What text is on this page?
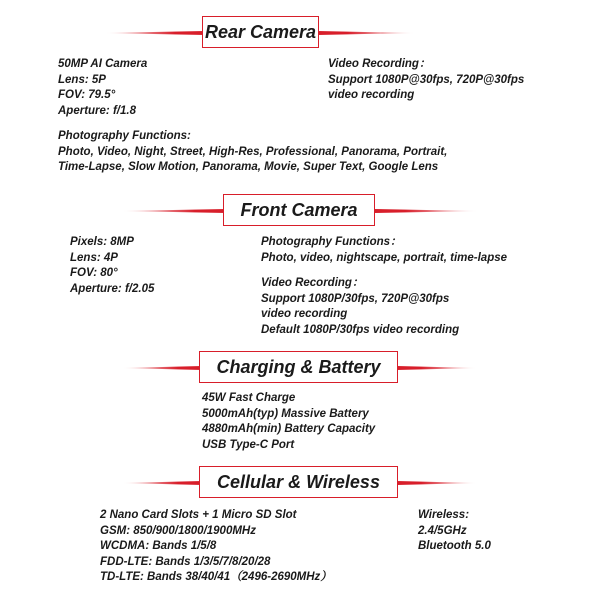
Rear Camera
50MP AI Camera
Lens: 5P
FOV: 79.5°
Aperture: f/1.8
Photography Functions:
Photo, Video, Night, Street, High-Res, Professional, Panorama, Portrait,
Time-Lapse, Slow Motion, Panorama, Movie, Super Text, Google Lens
Video Recording：
Support 1080P@30fps, 720P@30fps
video recording
Front Camera
Pixels: 8MP
Lens: 4P
FOV: 80°
Aperture: f/2.05
Photography Functions：
Photo, video, nightscape, portrait, time-lapse
Video Recording：
Support 1080P/30fps, 720P@30fps
video recording
Default 1080P/30fps video recording
Charging & Battery
45W Fast Charge
5000mAh(typ) Massive Battery
4880mAh(min) Battery Capacity
USB Type-C Port
Cellular & Wireless
2 Nano Card Slots + 1 Micro SD Slot
GSM: 850/900/1800/1900MHz
WCDMA: Bands 1/5/8
FDD-LTE: Bands 1/3/5/7/8/20/28
TD-LTE: Bands 38/40/41（2496-2690MHz）
Wireless:
2.4/5GHz
Bluetooth 5.0
